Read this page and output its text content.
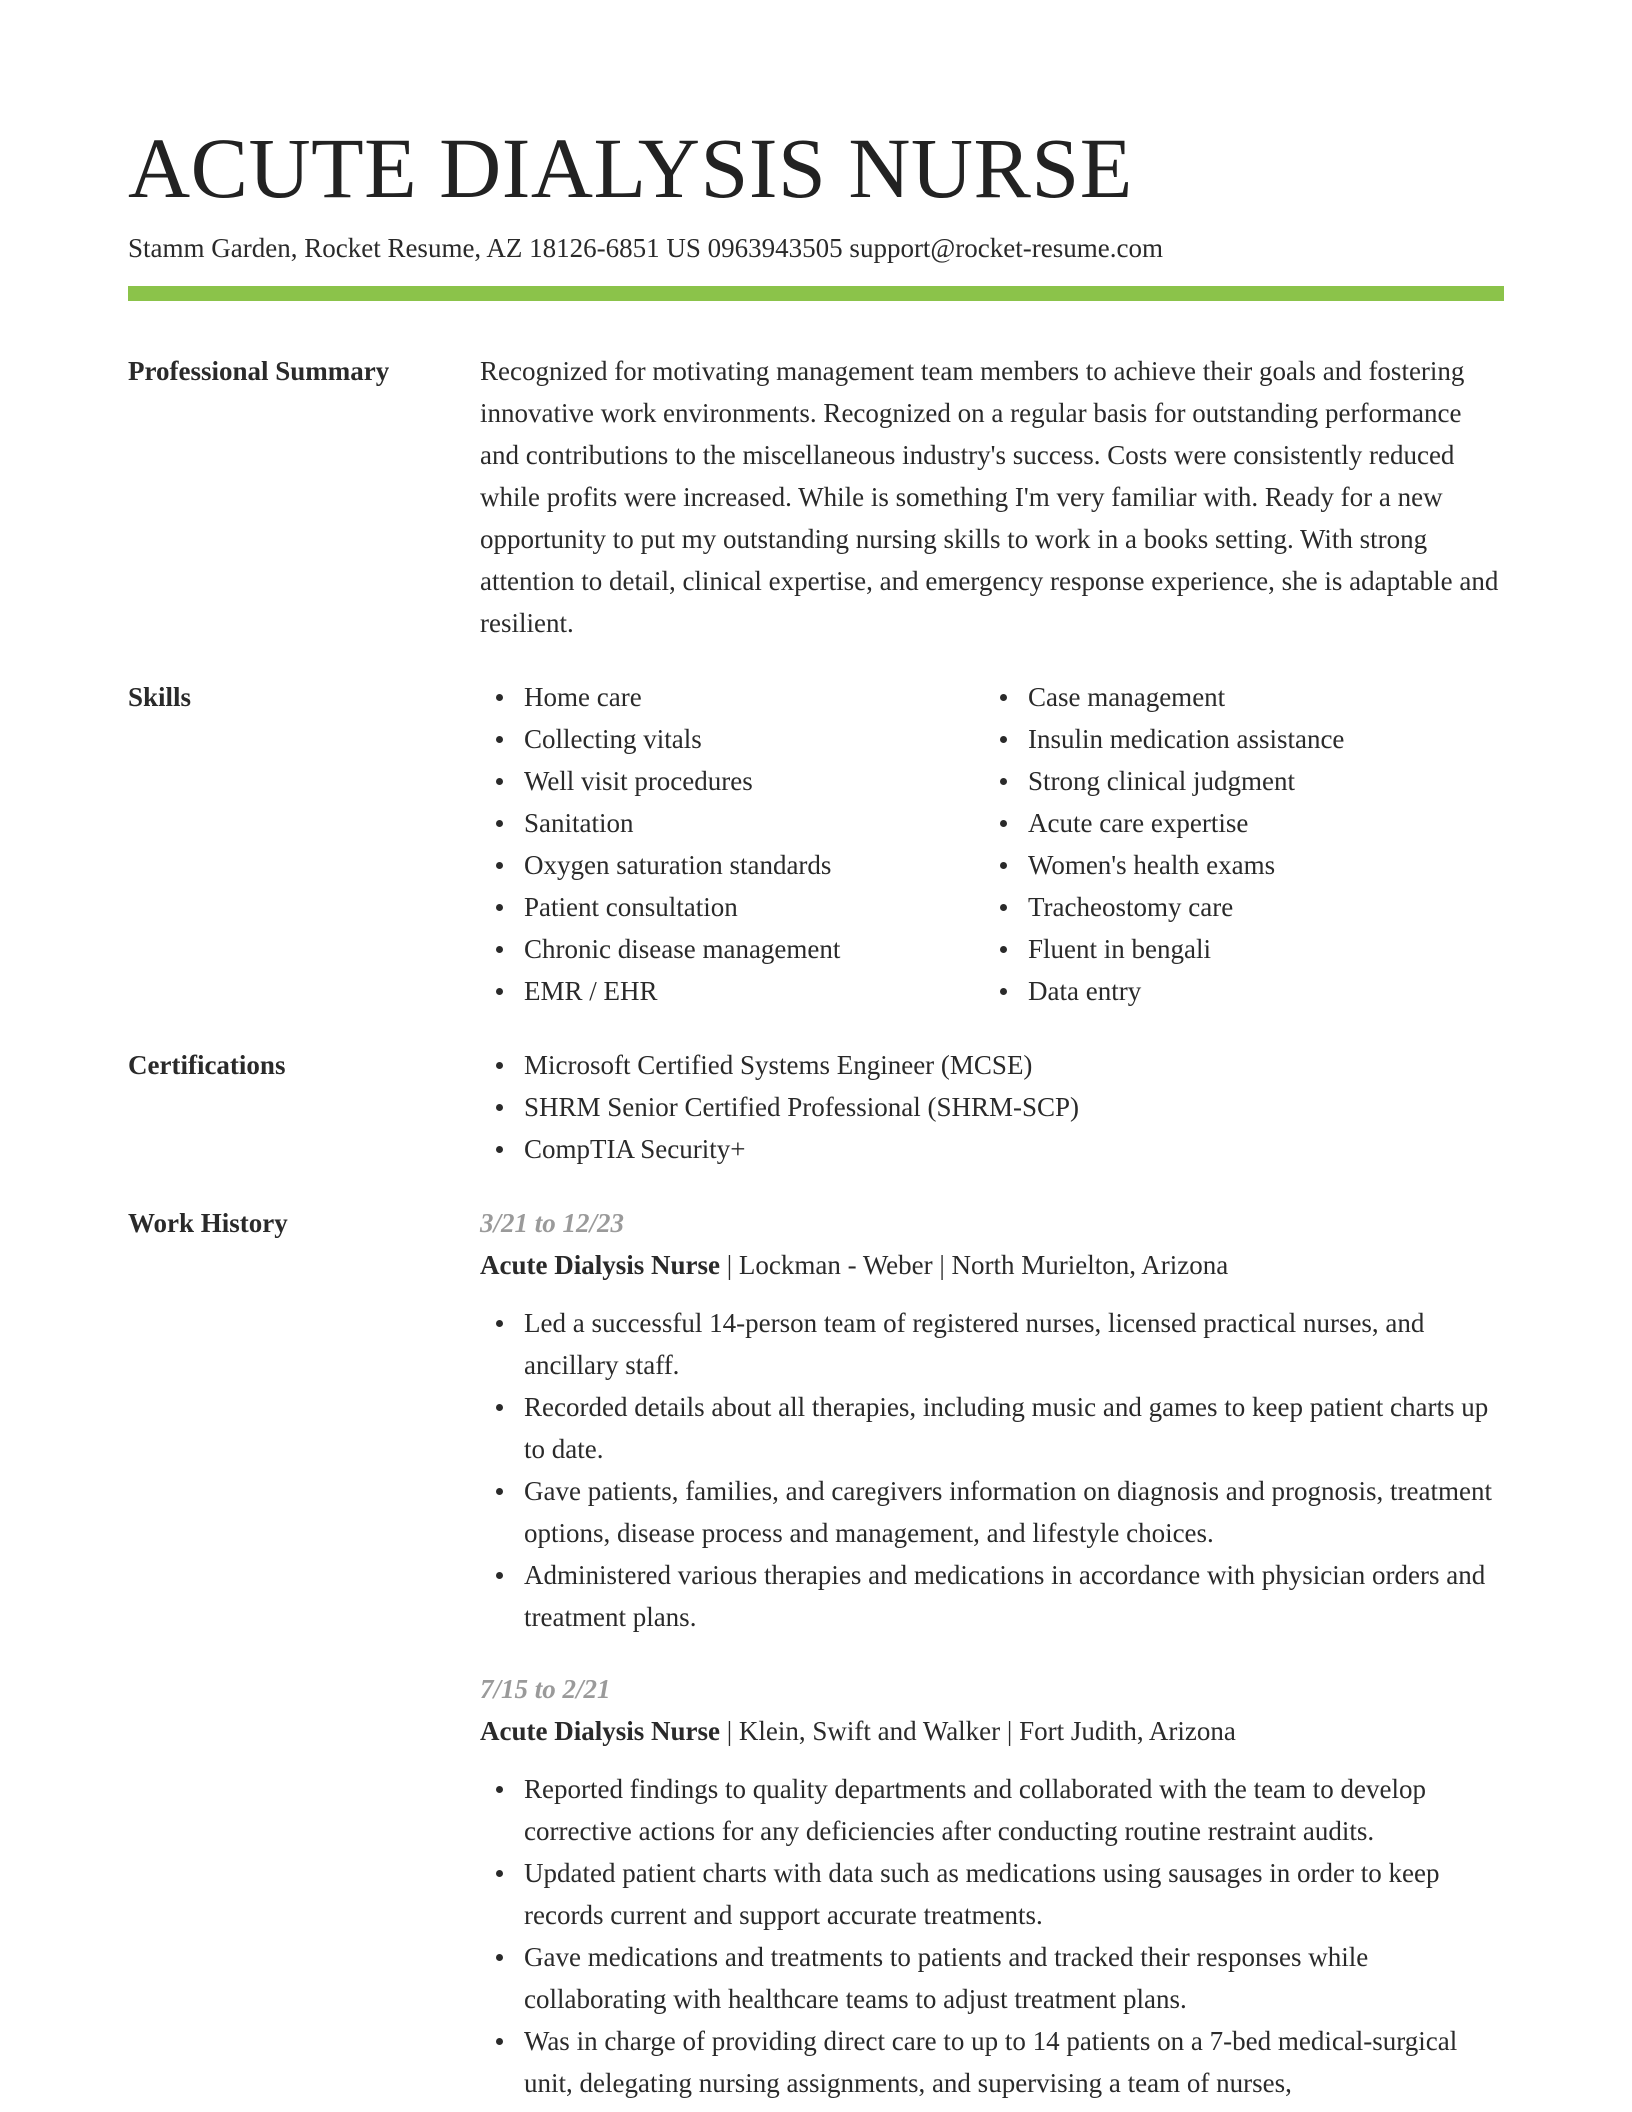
ACUTE DIALYSIS NURSE
Stamm Garden, Rocket Resume, AZ 18126-6851 US 0963943505 support@rocket-resume.com
Professional Summary	Recognized for motivating management team members to achieve their goals and fostering innovative work environments. Recognized on a regular basis for outstanding performance and contributions to the miscellaneous industry's success. Costs were consistently reduced while profits were increased. While is something I'm very familiar with. Ready for a new opportunity to put my outstanding nursing skills to work in a books setting. With strong attention to detail, clinical expertise, and emergency response experience, she is adaptable and resilient.
Skills	Home care
Collecting vitals
Well visit procedures
Sanitation
Oxygen saturation standards
Patient consultation
Chronic disease management
EMR / EHR
Case management
Insulin medication assistance
Strong clinical judgment
Acute care expertise
Women's health exams
Tracheostomy care
Fluent in bengali
Data entry
Certifications	Microsoft Certified Systems Engineer (MCSE)
SHRM Senior Certified Professional (SHRM-SCP)
CompTIA Security+
Work History	3/21 to 12/23
Acute Dialysis Nurse | Lockman - Weber | North Murielton, Arizona
Led a successful 14-person team of registered nurses, licensed practical nurses, and ancillary staff.
Recorded details about all therapies, including music and games to keep patient charts up to date.
Gave patients, families, and caregivers information on diagnosis and prognosis, treatment options, disease process and management, and lifestyle choices.
Administered various therapies and medications in accordance with physician orders and treatment plans.
7/15 to 2/21
Acute Dialysis Nurse | Klein, Swift and Walker | Fort Judith, Arizona
Reported findings to quality departments and collaborated with the team to develop corrective actions for any deficiencies after conducting routine restraint audits.
Updated patient charts with data such as medications using sausages in order to keep records current and support accurate treatments.
Gave medications and treatments to patients and tracked their responses while collaborating with healthcare teams to adjust treatment plans.
Was in charge of providing direct care to up to 14 patients on a 7-bed medical-surgical unit, delegating nursing assignments, and supervising a team of nurses,
